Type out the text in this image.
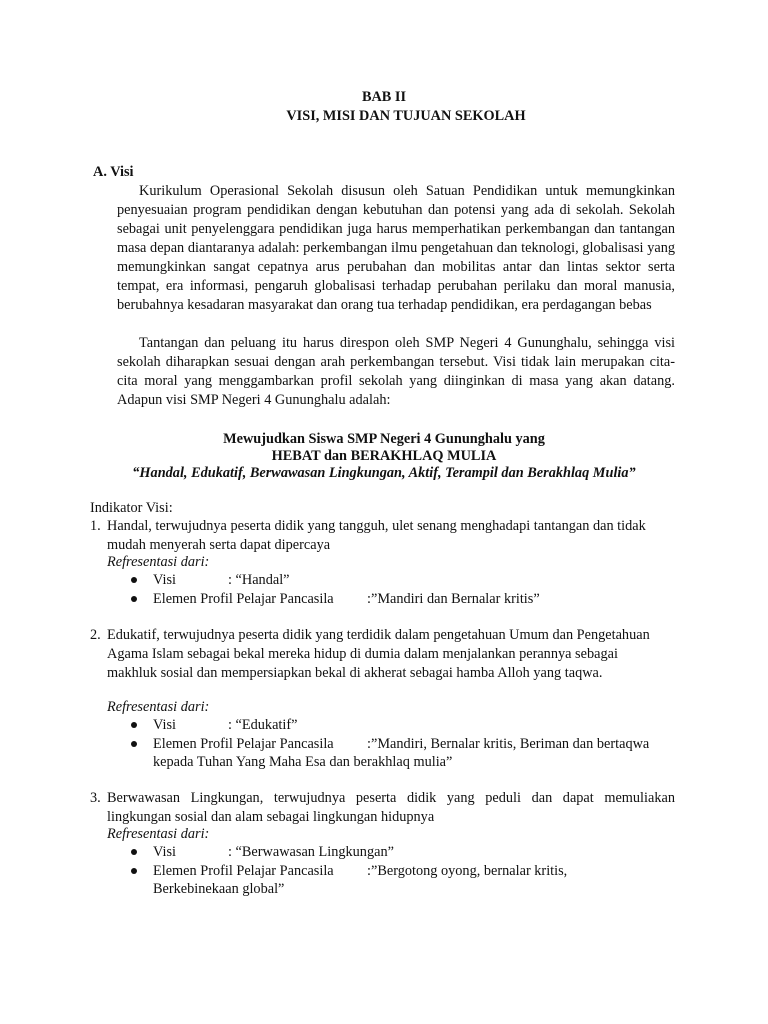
BAB II
VISI, MISI DAN TUJUAN SEKOLAH
A. Visi
Kurikulum Operasional Sekolah disusun oleh Satuan Pendidikan untuk memungkinkan penyesuaian program pendidikan dengan kebutuhan dan potensi yang ada di sekolah. Sekolah sebagai unit penyelenggara pendidikan juga harus memperhatikan perkembangan dan tantangan masa depan diantaranya adalah: perkembangan ilmu pengetahuan dan teknologi, globalisasi yang memungkinkan sangat cepatnya arus perubahan dan mobilitas antar dan lintas sektor serta tempat, era informasi, pengaruh globalisasi terhadap perubahan perilaku dan moral manusia, berubahnya kesadaran masyarakat dan orang tua terhadap pendidikan, era perdagangan bebas
Tantangan dan peluang itu harus direspon oleh SMP Negeri 4 Gununghalu, sehingga visi sekolah diharapkan sesuai dengan arah perkembangan tersebut. Visi tidak lain merupakan cita-cita moral yang menggambarkan profil sekolah yang diinginkan di masa yang akan datang. Adapun visi SMP Negeri 4 Gununghalu adalah:
Mewujudkan Siswa SMP Negeri 4 Gununghalu yang
HEBAT dan BERAKHLAQ MULIA
“Handal, Edukatif, Berwawasan Lingkungan, Aktif, Terampil dan Berakhlaq Mulia”
Indikator Visi:
1. Handal, terwujudnya peserta didik yang tangguh, ulet senang menghadapi tantangan dan tidak mudah menyerah serta dapat dipercaya
Refresentasi dari:
Visi	: “Handal”
Elemen Profil Pelajar Pancasila :”Mandiri dan Bernalar kritis”
2. Edukatif, terwujudnya peserta didik yang terdidik dalam pengetahuan Umum dan Pengetahuan Agama Islam sebagai bekal mereka hidup di dumia dalam menjalankan perannya sebagai makhluk sosial dan mempersiapkan bekal di akherat sebagai hamba Alloh yang taqwa.
Refresentasi dari:
Visi	: “Edukatif”
Elemen Profil Pelajar Pancasila :”Mandiri, Bernalar kritis, Beriman dan bertaqwa
kepada Tuhan Yang Maha Esa dan berakhlaq mulia”
3. Berwawasan Lingkungan, terwujudnya peserta didik yang peduli dan dapat memuliakan lingkungan sosial dan alam sebagai lingkungan hidupnya
Refresentasi dari:
Visi	: “Berwawasan Lingkungan”
Elemen Profil Pelajar Pancasila :”Bergotong oyong, bernalar kritis,
Berkebinekaan global”
